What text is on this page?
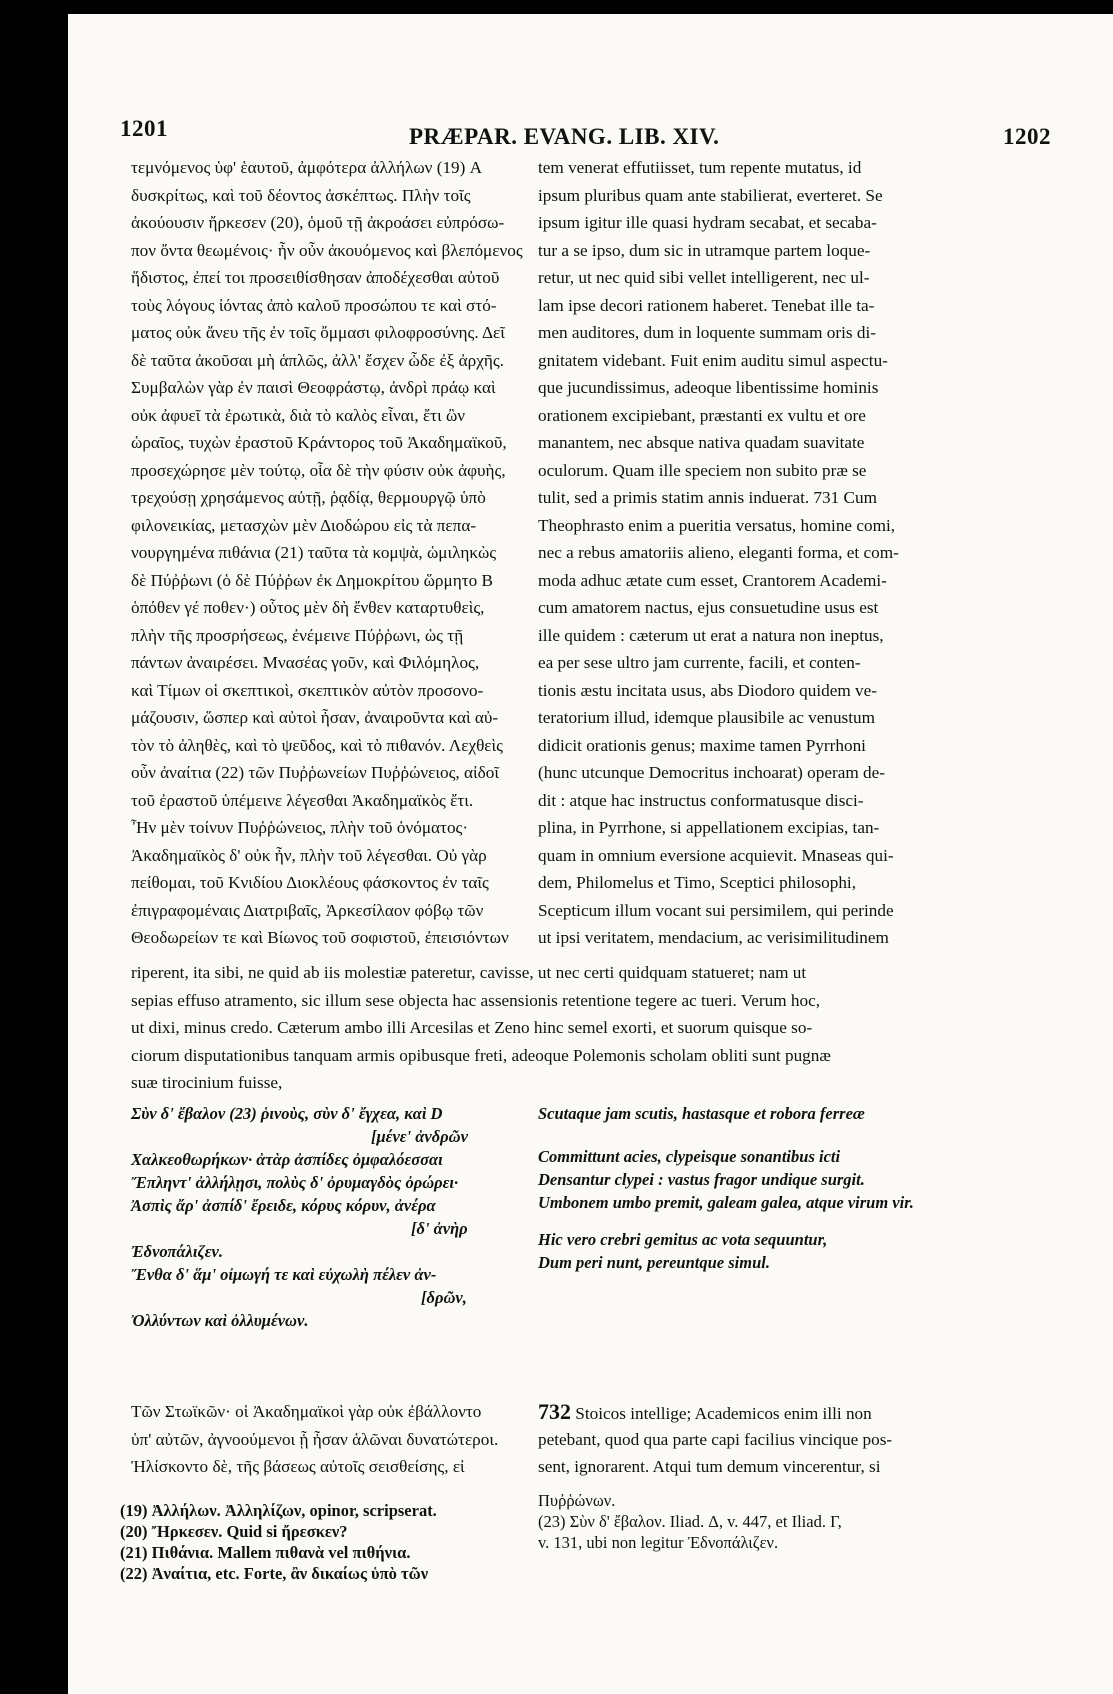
1201	PRÆPAR. EVANG. LIB. XIV.	1202
τεμνόμενος ὑφ' ἑαυτοῦ, ἀμφότερα ἀλλήλων (19) A
δυσκρίτως, καὶ τοῦ δέοντος ἀσκέπτως. Πλὴν τοῖς
ἀκούουσιν ἤρκεσεν (20), ὁμοῦ τῇ ἀκροάσει εὐπρόσω-
πον ὄντα θεωμένοις· ἦν οὖν ἀκουόμενος καὶ βλεπόμενος
ἥδιστος, ἐπεί τοι προσειθίσθησαν ἀποδέχεσθαι αὐτοῦ
τοὺς λόγους ἰόντας ἀπὸ καλοῦ προσώπου τε καὶ στό-
ματος οὐκ ἄνευ τῆς ἐν τοῖς ὄμμασι φιλοφροσύνης. Δεῖ
δὲ ταῦτα ἀκοῦσαι μὴ ἁπλῶς, ἀλλ' ἔσχεν ὧδε ἐξ ἀρχῆς.
Συμβαλὼν γὰρ ἐν παισὶ Θεοφράστῳ, ἀνδρὶ πράῳ καὶ
οὐκ ἀφυεῖ τὰ ἐρωτικὰ, διὰ τὸ καλὸς εἶναι, ἔτι ὢν
ὡραῖος, τυχὼν ἐραστοῦ Κράντορος τοῦ Ἀκαδημαϊκοῦ,
προσεχώρησε μὲν τούτῳ, οἷα δὲ τὴν φύσιν οὐκ ἀφυὴς,
τρεχούσῃ χρησάμενος αὐτῇ, ῥᾳδίᾳ, θερμουργῷ ὑπὸ
φιλονεικίας, μετασχὼν μὲν Διοδώρου εἰς τὰ πεπα-
νουργημένα πιθάνια (21) ταῦτα τὰ κομψὰ, ὡμιληκὼς
δὲ Πύῤῥωνι (ὁ δὲ Πύῤῥων ἐκ Δημοκρίτου ὥρμητο B
ὁπόθεν γέ ποθεν·) οὗτος μὲν δὴ ἔνθεν καταρτυθεὶς,
πλὴν τῆς προσρήσεως, ἐνέμεινε Πύῤῥωνι, ὡς τῇ
πάντων ἀναιρέσει. Μνασέας γοῦν, καὶ Φιλόμηλος,
καὶ Τίμων οἱ σκεπτικοὶ, σκεπτικὸν αὐτὸν προσονο-
μάζουσιν, ὥσπερ καὶ αὐτοὶ ἦσαν, ἀναιροῦντα καὶ αὐ-
τὸν τὸ ἀληθὲς, καὶ τὸ ψεῦδος, καὶ τὸ πιθανόν. Λεχθεὶς
οὖν ἀναίτια (22) τῶν Πυῤῥωνείων Πυῤῥώνειος, αἰδοῖ
τοῦ ἐραστοῦ ὑπέμεινε λέγεσθαι Ἀκαδημαϊκὸς ἔτι.
Ἦν μὲν τοίνυν Πυῤῥώνειος, πλὴν τοῦ ὀνόματος·
Ἀκαδημαϊκὸς δ' οὐκ ἦν, πλὴν τοῦ λέγεσθαι. Οὐ γὰρ
πείθομαι, τοῦ Κνιδίου Διοκλέους φάσκοντος ἐν ταῖς
ἐπιγραφομέναις Διατριβαῖς, Ἀρκεσίλαον φόβῳ τῶν
Θεοδωρείων τε καὶ Βίωνος τοῦ σοφιστοῦ, ἐπεισιόντων
tem venerat effutiisset, tum repente mutatus, id
ipsum pluribus quam ante stabilierat, everteret. Se
ipsum igitur ille quasi hydram secabat, et secaba-
tur a se ipso, dum sic in utramque partem loque-
retur, ut nec quid sibi vellet intelligerent, nec ul-
lam ipse decori rationem haberet. Tenebat ille ta-
men auditores, dum in loquente summam oris di-
gnitatem videbant. Fuit enim auditu simul aspectu-
que jucundissimus, adeoque libentissime hominis
orationem excipiebant, præstanti ex vultu et ore
manantem, nec absque nativa quadam suavitate
oculorum. Quam ille speciem non subito præ se
tulit, sed a primis statim annis induerat. 731 Cum
Theophrasto enim a pueritia versatus, homine comi,
nec a rebus amatoriis alieno, eleganti forma, et com-
moda adhuc ætate cum esset, Crantorem Academi-
cum amatorem nactus, ejus consuetudine usus est
ille quidem : cæterum ut erat a natura non ineptus,
ea per sese ultro jam currente, facili, et conten-
tionis æstu incitata usus, abs Diodoro quidem ve-
teratorium illud, idemque plausibile ac venustum
didicit orationis genus; maxime tamen Pyrrhoni
(hunc utcunque Democritus inchoarat) operam de-
dit : atque hac instructus conformatusque disci-
plina, in Pyrrhone, si appellationem excipias, tan-
quam in omnium eversione acquievit. Mnaseas qui-
dem, Philomelus et Timo, Sceptici philosophi,
Scepticum illum vocant sui persimilem, qui perinde
ut ipsi veritatem, mendacium, ac verisimilitudinem
riperent, ita sibi, ne quid ab iis molestiæ pateretur, cavisse, ut nec certi quidquam statueret; nam ut
sepias effuso atramento, sic illum sese objecta hac assensionis retentione tegere ac tueri. Verum hoc,
ut dixi, minus credo. Cæterum ambo illi Arcesilas et Zeno hinc semel exorti, et suorum quisque so-
ciorum disputationibus tanquam armis opibusque freti, adeoque Polemonis scholam obliti sunt pugnæ
suæ tirocinium fuisse,
Σὺν δ' ἔβαλον (23) ῥινοὺς, σὺν δ' ἔγχεα, καὶ D
[μένε' ἀνδρῶν
Χαλκεοθωρήκων· ἀτὰρ ἀσπίδες ὀμφαλόεσσαι
Ἔπληντ' ἀλλήλῃσι, πολὺς δ' ὀρυμαγδὸς ὀρώρει·
Ἀσπὶς ἄρ' ἀσπίδ' ἔρειδε, κόρυς κόρυν, ἀνέρα
[δ' ἀνὴρ
Ἐδνοπάλιζεν.
Ἔνθα δ' ἅμ' οἰμωγή τε καὶ εὐχωλὴ πέλεν ἀν-
[δρῶν,
Ὀλλύντων καὶ ὀλλυμένων.
Scutaque jam scutis, hastasque et robora ferreæ
Committunt acies, clypeisque sonantibus icti
Densantur clypei : vastus fragor undique surgit.
Umbonem umbo premit, galeam galea, atque virum vir.
Hic vero crebri gemitus ac vota sequuntur,
Dum peri nunt, pereuntque simul.
Τῶν Στωϊκῶν· οἱ Ἀκαδημαϊκοὶ γὰρ οὐκ ἐβάλλοντο
ὑπ' αὐτῶν, ἀγνοούμενοι ᾗ ἦσαν ἁλῶναι δυνατώτεροι.
Ἠλίσκοντο δὲ, τῆς βάσεως αὐτοῖς σεισθείσης, εἰ
732 Stoicos intellige; Academicos enim illi non
petebant, quod qua parte capi facilius vincique pos-
sent, ignorarent. Atqui tum demum vincerentur, si
(19) Ἀλλήλων. Ἀλληλίζων, opinor, scripserat.
(20) Ἤρκεσεν. Quid si ἤρεσκεν?
(21) Πιθάνια. Mallem πιθανὰ vel πιθήνια.
(22) Ἀναίτια, etc. Forte, ἂν δικαίως ὑπὸ τῶν
Πυῤῥώνων.
(23) Σὺν δ' ἔβαλον. Iliad. Δ, v. 447, et Iliad. Γ,
v. 131, ubi non legitur Ἐδνοπάλιζεν.
